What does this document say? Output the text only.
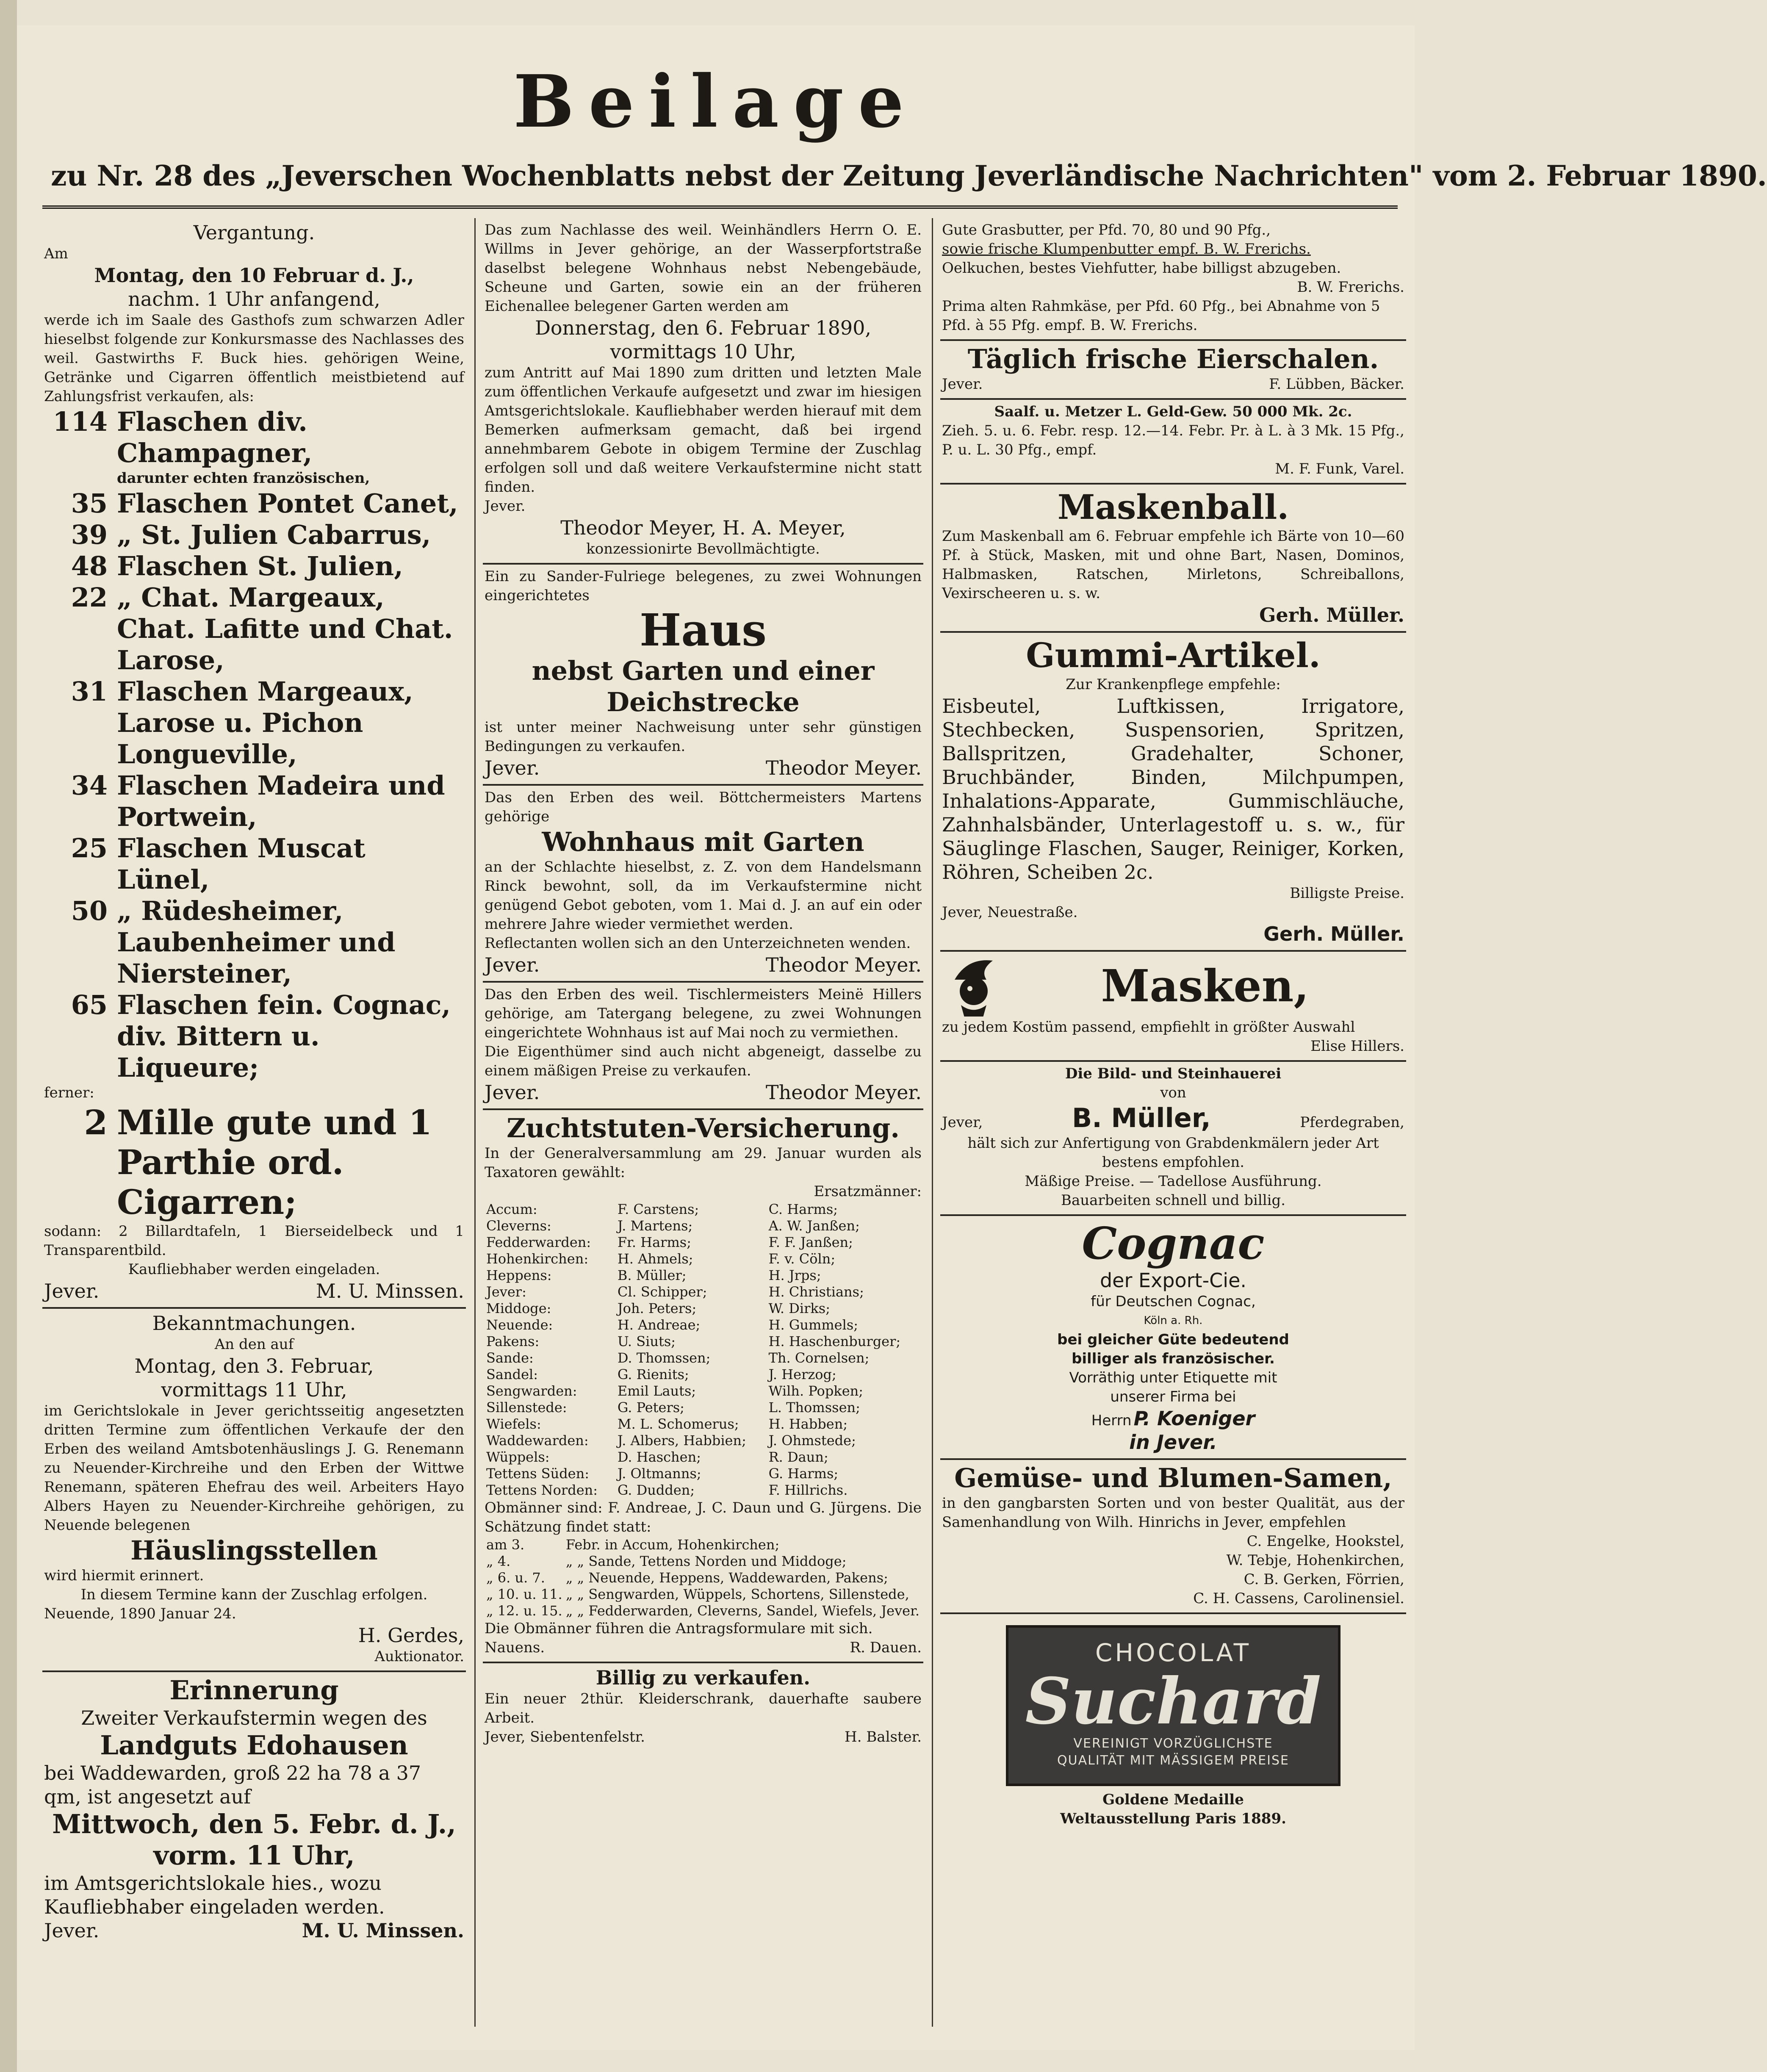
Beilage
zu Nr. 28 des „Jeverschen Wochenblatts nebst der Zeitung Jeverländische Nachrichten" vom 2. Februar 1890.
Vergantung.
Am
Montag, den 10 Februar d. J.,
nachm. 1 Uhr anfangend,
werde ich im Saale des Gasthofs zum schwarzen Adler hieselbst folgende zur Konkursmasse des Nachlasses des weil. Gastwirths F. Buck hies. gehörigen Weine, Getränke und Cigarren öffentlich meistbietend auf Zahlungsfrist verkaufen, als:
114 Flaschen div. Champagner,
darunter echten französischen,
35 Flaschen Pontet Canet,
39 „ St. Julien Cabarrus,
48 Flaschen St. Julien,
22 „ Chat. Margeaux, Chat. Lafitte und Chat. Larose,
31 Flaschen Margeaux, Larose u. Pichon Longueville,
34 Flaschen Madeira und Portwein,
25 Flaschen Muscat Lünel,
50 „ Rüdesheimer, Laubenheimer und Niersteiner,
65 Flaschen fein. Cognac, div. Bittern u. Liqueure;
ferner:
2 Mille gute und 1 Parthie ord. Cigarren;
sodann: 2 Billardtafeln, 1 Bierseidelbeck und 1 Transparentbild.
Kaufliebhaber werden eingeladen.
Jever.	M. U. Minssen.
Bekanntmachungen.
An den auf
Montag, den 3. Februar,
vormittags 11 Uhr,
im Gerichtslokale in Jever gerichtsseitig angesetzten dritten Termine zum öffentlichen Verkaufe der den Erben des weiland Amtsbotenhäuslings J. G. Renemann zu Neuender-Kirchreihe und den Erben der Wittwe Renemann, späteren Ehefrau des weil. Arbeiters Hayo Albers Hayen zu Neuender-Kirchreihe gehörigen, zu Neuende belegenen
Häuslingsstellen
wird hiermit erinnert.
In diesem Termine kann der Zuschlag erfolgen.
Neuende, 1890 Januar 24.
H. Gerdes,
Auktionator.
Erinnerung
Zweiter Verkaufstermin wegen des
Landguts Edohausen
bei Waddewarden, groß 22 ha 78 a 37 qm, ist angesetzt auf
Mittwoch, den 5. Febr. d. J., vorm. 11 Uhr,
im Amtsgerichtslokale hies., wozu Kaufliebhaber eingeladen werden.
Jever.	M. U. Minssen.
Das zum Nachlasse des weil. Weinhändlers Herrn O. E. Willms in Jever gehörige, an der Wasserpfortstraße daselbst belegene Wohnhaus nebst Nebengebäude, Scheune und Garten, sowie ein an der früheren Eichenallee belegener Garten werden am
Donnerstag, den 6. Februar 1890,
vormittags 10 Uhr,
zum Antritt auf Mai 1890 zum dritten und letzten Male zum öffentlichen Verkaufe aufgesetzt und zwar im hiesigen Amtsgerichtslokale. Kaufliebhaber werden hierauf mit dem Bemerken aufmerksam gemacht, daß bei irgend annehmbarem Gebote in obigem Termine der Zuschlag erfolgen soll und daß weitere Verkaufstermine nicht statt finden.
Jever.
Theodor Meyer, H. A. Meyer,
konzessionirte Bevollmächtigte.
Ein zu Sander-Fulriege belegenes, zu zwei Wohnungen eingerichtetes
Haus
nebst Garten und einer Deichstrecke
ist unter meiner Nachweisung unter sehr günstigen Bedingungen zu verkaufen.
Jever.	Theodor Meyer.
Das den Erben des weil. Böttchermeisters Martens gehörige
Wohnhaus mit Garten
an der Schlachte hieselbst, z. Z. von dem Handelsmann Rinck bewohnt, soll, da im Verkaufstermine nicht genügend Gebot geboten, vom 1. Mai d. J. an auf ein oder mehrere Jahre wieder vermiethet werden.
Reflectanten wollen sich an den Unterzeichneten wenden.
Jever.	Theodor Meyer.
Das den Erben des weil. Tischlermeisters Meinë Hillers gehörige, am Tatergang belegene, zu zwei Wohnungen eingerichtete Wohnhaus ist auf Mai noch zu vermiethen.
Die Eigenthümer sind auch nicht abgeneigt, dasselbe zu einem mäßigen Preise zu verkaufen.
Jever.	Theodor Meyer.
Zuchtstuten-Versicherung.
In der Generalversammlung am 29. Januar wurden als Taxatoren gewählt:
Ersatzmänner:
Accum:	F. Carstens;	C. Harms;
Cleverns:	J. Martens;	A. W. Janßen;
Fedderwarden:	Fr. Harms;	F. F. Janßen;
Hohenkirchen:	H. Ahmels;	F. v. Cöln;
Heppens:	B. Müller;	H. Jrps;
Jever:	Cl. Schipper;	H. Christians;
Middoge:	Joh. Peters;	W. Dirks;
Neuende:	H. Andreae;	H. Gummels;
Pakens:	U. Siuts;	H. Haschenburger;
Sande:	D. Thomssen;	Th. Cornelsen;
Sandel:	G. Rienits;	J. Herzog;
Sengwarden:	Emil Lauts;	Wilh. Popken;
Sillenstede:	G. Peters;	L. Thomssen;
Wiefels:	M. L. Schomerus;	H. Habben;
Waddewarden:	J. Albers, Habbien;	J. Ohmstede;
Wüppels:	D. Haschen;	R. Daun;
Tettens Süden:	J. Oltmanns;	G. Harms;
Tettens Norden:	G. Dudden;	F. Hillrichs.
Obmänner sind: F. Andreae, J. C. Daun und G. Jürgens. Die Schätzung findet statt:
am 3.	Febr. in Accum, Hohenkirchen;
„ 4.	„ „ Sande, Tettens Norden und Middoge;
„ 6. u. 7.	„ „ Neuende, Heppens, Waddewarden, Pakens;
„ 10. u. 11.	„ „ Sengwarden, Wüppels, Schortens, Sillenstede,
„ 12. u. 15.	„ „ Fedderwarden, Cleverns, Sandel, Wiefels, Jever.
Die Obmänner führen die Antragsformulare mit sich.
Nauens.	R. Dauen.
Billig zu verkaufen.
Ein neuer 2thür. Kleiderschrank, dauerhafte saubere Arbeit.
Jever, Siebentenfelstr.	H. Balster.
Gute Grasbutter, per Pfd. 70, 80 und 90 Pfg.,
sowie frische Klumpenbutter empf. B. W. Frerichs.
Oelkuchen, bestes Viehfutter, habe billigst abzugeben.
B. W. Frerichs.
Prima alten Rahmkäse, per Pfd. 60 Pfg., bei Abnahme von 5 Pfd. à 55 Pfg. empf. B. W. Frerichs.
Täglich frische Eierschalen.
Jever.	F. Lübben, Bäcker.
Saalf. u. Metzer L. Geld-Gew. 50 000 Mk. 2c.
Zieh. 5. u. 6. Febr. resp. 12.—14. Febr. Pr. à L. à 3 Mk. 15 Pfg., P. u. L. 30 Pfg., empf.
M. F. Funk, Varel.
Maskenball.
Zum Maskenball am 6. Februar empfehle ich Bärte von 10—60 Pf. à Stück, Masken, mit und ohne Bart, Nasen, Dominos, Halbmasken, Ratschen, Mirletons, Schreiballons, Vexirscheeren u. s. w.
Gerh. Müller.
Gummi-Artikel.
Zur Krankenpflege empfehle:
Eisbeutel, Luftkissen, Irrigatore, Stechbecken, Suspensorien, Spritzen, Ballspritzen, Gradehalter, Schoner, Bruchbänder, Binden, Milchpumpen, Inhalations-Apparate, Gummischläuche, Zahnhalsbänder, Unterlagestoff u. s. w., für Säuglinge Flaschen, Sauger, Reiniger, Korken, Röhren, Scheiben 2c.
Billigste Preise.
Jever, Neuestraße.
Gerh. Müller.
Masken,
zu jedem Kostüm passend, empfiehlt in größter Auswahl
Elise Hillers.
Die Bild- und Steinhauerei
von
Jever,	B. Müller,	Pferdegraben,
hält sich zur Anfertigung von Grabdenkmälern jeder Art bestens empfohlen.
Mäßige Preise. — Tadellose Ausführung.
Bauarbeiten schnell und billig.
Cognac
der Export-Cie.
für Deutschen Cognac,
Köln a. Rh.
bei gleicher Güte bedeutend
billiger als französischer.
Vorräthig unter Etiquette mit
unserer Firma bei
Herrn P. Koeniger
in Jever.
Gemüse- und Blumen-Samen,
in den gangbarsten Sorten und von bester Qualität, aus der Samenhandlung von Wilh. Hinrichs in Jever, empfehlen
C. Engelke, Hookstel,
W. Tebje, Hohenkirchen,
C. B. Gerken, Förrien,
C. H. Cassens, Carolinensiel.
CHOCOLAT
Suchard
VEREINIGT VORZÜGLICHSTE
QUALITÄT MIT MÄSSIGEM PREISE
Goldene Medaille
Weltausstellung Paris 1889.
